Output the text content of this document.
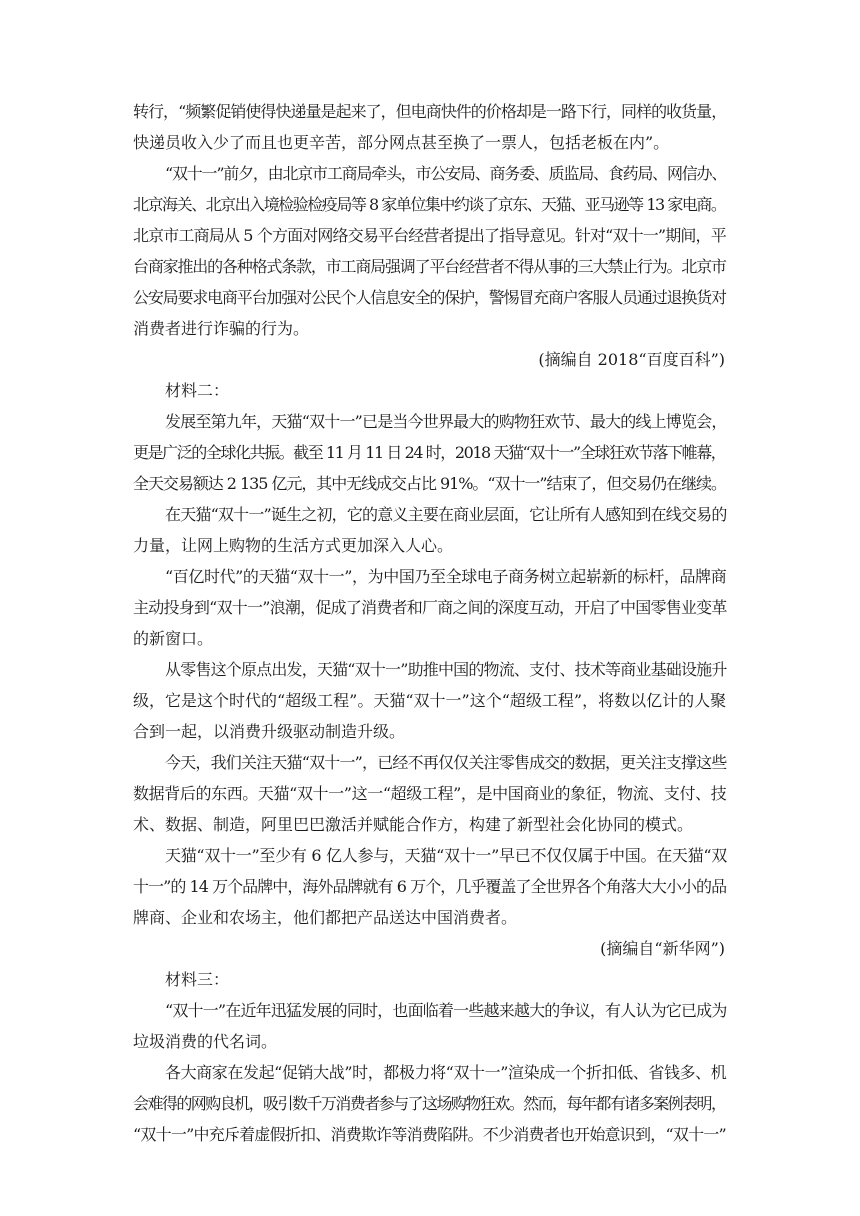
转行，“频繁促销使得快递量是起来了，但电商快件的价格却是一路下行，同样的收货量，
快递员收入少了而且也更辛苦，部分网点甚至换了一票人，包括老板在内”。
“双十一”前夕，由北京市工商局牵头，市公安局、商务委、质监局、食药局、网信办、
北京海关、北京出入境检验检疫局等 8 家单位集中约谈了京东、天猫、亚马逊等 13 家电商。
北京市工商局从 5 个方面对网络交易平台经营者提出了指导意见。针对“双十一”期间，平
台商家推出的各种格式条款，市工商局强调了平台经营者不得从事的三大禁止行为。北京市
公安局要求电商平台加强对公民个人信息安全的保护，警惕冒充商户客服人员通过退换货对
消费者进行诈骗的行为。
(摘编自 2018“百度百科”)
材料二：
发展至第九年，天猫“双十一”已是当今世界最大的购物狂欢节、最大的线上博览会，
更是广泛的全球化共振。截至 11 月 11 日 24 时，2018 天猫“双十一”全球狂欢节落下帷幕，
全天交易额达 2 135 亿元，其中无线成交占比 91%。“双十一”结束了，但交易仍在继续。
在天猫“双十一”诞生之初，它的意义主要在商业层面，它让所有人感知到在线交易的
力量，让网上购物的生活方式更加深入人心。
“百亿时代”的天猫“双十一”，为中国乃至全球电子商务树立起崭新的标杆，品牌商
主动投身到“双十一”浪潮，促成了消费者和厂商之间的深度互动，开启了中国零售业变革
的新窗口。
从零售这个原点出发，天猫“双十一”助推中国的物流、支付、技术等商业基础设施升
级，它是这个时代的“超级工程”。天猫“双十一”这个“超级工程”，将数以亿计的人聚
合到一起，以消费升级驱动制造升级。
今天，我们关注天猫“双十一”，已经不再仅仅关注零售成交的数据，更关注支撑这些
数据背后的东西。天猫“双十一”这一“超级工程”，是中国商业的象征，物流、支付、技
术、数据、制造，阿里巴巴激活并赋能合作方，构建了新型社会化协同的模式。
天猫“双十一”至少有 6 亿人参与，天猫“双十一”早已不仅仅属于中国。在天猫“双
十一”的 14 万个品牌中，海外品牌就有 6 万个，几乎覆盖了全世界各个角落大大小小的品
牌商、企业和农场主，他们都把产品送达中国消费者。
(摘编自“新华网”)
材料三：
“双十一”在近年迅猛发展的同时，也面临着一些越来越大的争议，有人认为它已成为
垃圾消费的代名词。
各大商家在发起“促销大战”时，都极力将“双十一”渲染成一个折扣低、省钱多、机
会难得的网购良机，吸引数千万消费者参与了这场购物狂欢。然而，每年都有诸多案例表明，
“双十一”中充斥着虚假折扣、消费欺诈等消费陷阱。不少消费者也开始意识到，“双十一”
